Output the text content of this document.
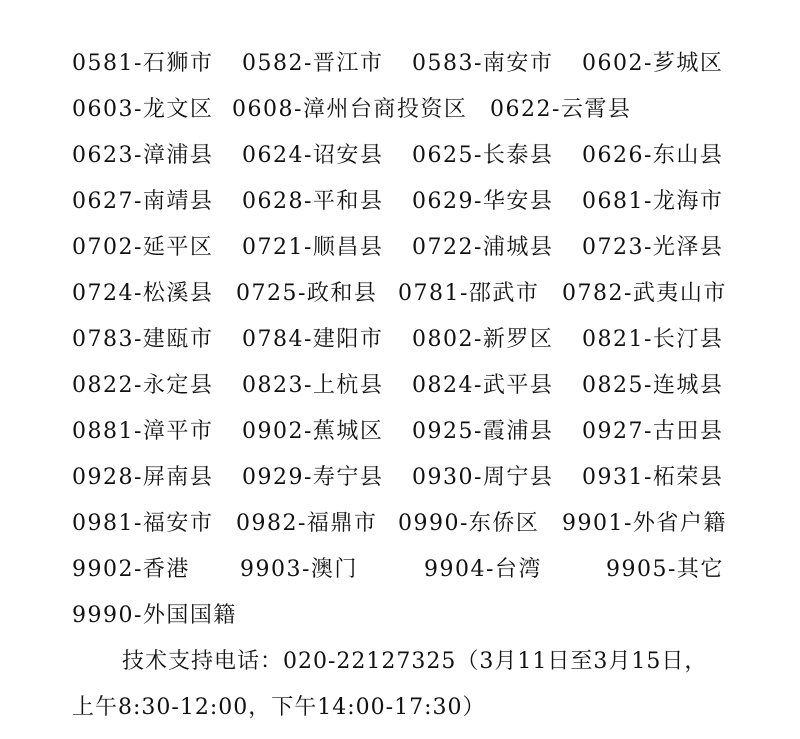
0581-石狮市 0582-晋江市 0583-南安市 0602-芗城区
0603-龙文区 0608-漳州台商投资区 0622-云霄县
0623-漳浦县 0624-诏安县 0625-长泰县 0626-东山县
0627-南靖县 0628-平和县 0629-华安县 0681-龙海市
0702-延平区 0721-顺昌县 0722-浦城县 0723-光泽县
0724-松溪县 0725-政和县 0781-邵武市 0782-武夷山市
0783-建瓯市 0784-建阳市 0802-新罗区 0821-长汀县
0822-永定县 0823-上杭县 0824-武平县 0825-连城县
0881-漳平市 0902-蕉城区 0925-霞浦县 0927-古田县
0928-屏南县 0929-寿宁县 0930-周宁县 0931-柘荣县
0981-福安市 0982-福鼎市 0990-东侨区 9901-外省户籍
9902-香港 9903-澳门	9904-台湾	9905-其它
9990-外国国籍
技术支持电话：020-22127325（3月11日至3月15日，
上午8:30-12:00，下午14:00-17:30）
